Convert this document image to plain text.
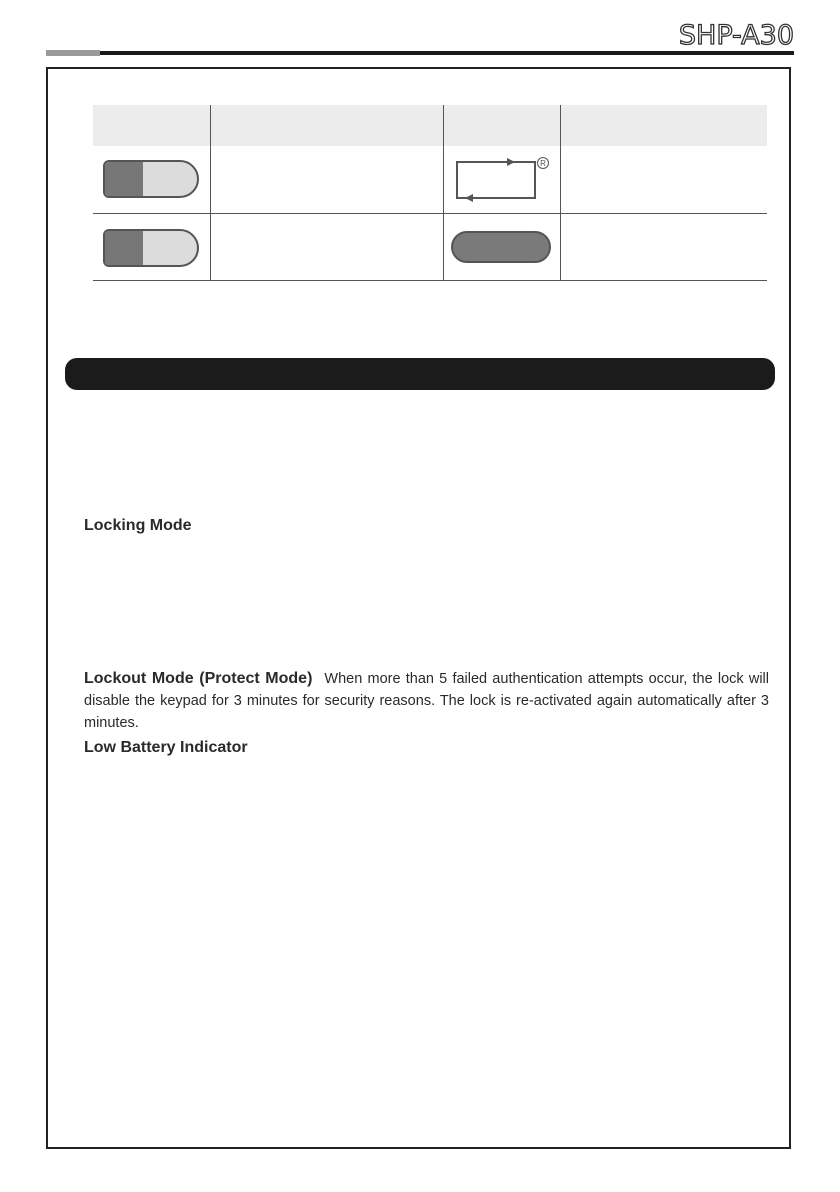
SHP-A30
R
Locking Mode
Lockout Mode (Protect Mode) When more than 5 failed authentication attempts occur, the lock will disable the keypad for 3 minutes for security reasons. The lock is re-activated again automatically after 3 minutes.
Low Battery Indicator
